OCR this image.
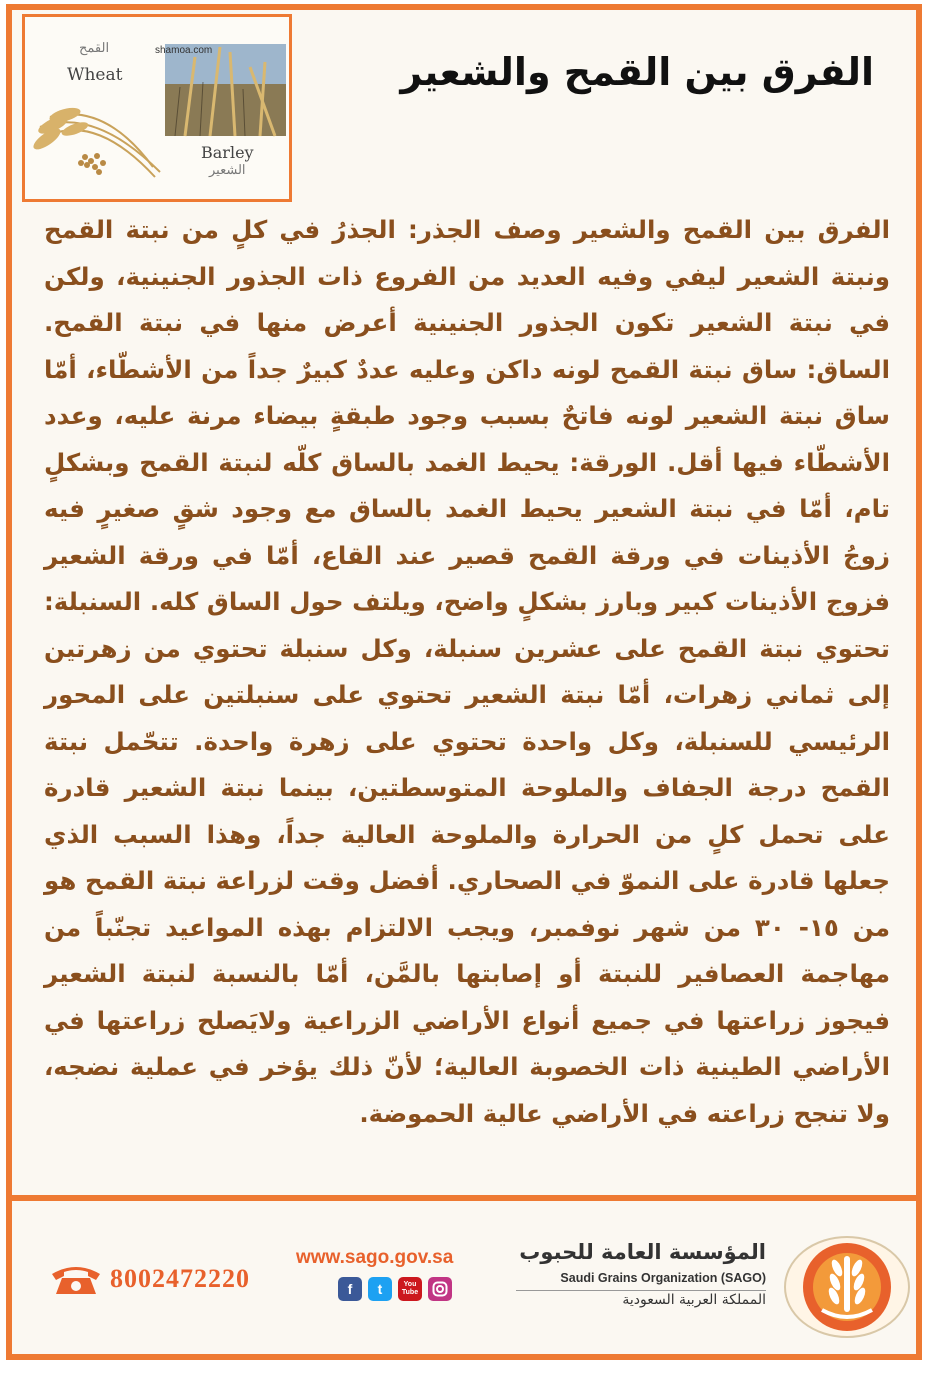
القمح
Wheat
shamoa.com
Barley
الشعير
الفرق بين القمح والشعير
الفرق بين القمح والشعير وصف الجذر: الجذرُ في كلٍ من نبتة القمح ونبتة الشعير ليفي وفيه العديد من الفروع ذات الجذور الجنينية، ولكن في نبتة الشعير تكون الجذور الجنينية أعرض منها في نبتة القمح. الساق: ساق نبتة القمح لونه داكن وعليه عددٌ كبيرٌ جداً من الأشطّاء، أمّا ساق نبتة الشعير لونه فاتحٌ بسبب وجود طبقةٍ بيضاء مرنة عليه، وعدد الأشطّاء فيها أقل. الورقة: يحيط الغمد بالساق كلّه لنبتة القمح وبشكلٍ تام، أمّا في نبتة الشعير يحيط الغمد بالساق مع وجود شقٍ صغيرٍ فيه زوجُ الأذينات في ورقة القمح قصير عند القاع، أمّا في ورقة الشعير فزوج الأذينات كبير وبارز بشكلٍ واضح، ويلتف حول الساق كله. السنبلة: تحتوي نبتة القمح على عشرين سنبلة، وكل سنبلة تحتوي من زهرتين إلى ثماني زهرات، أمّا نبتة الشعير تحتوي على سنبلتين على المحور الرئيسي للسنبلة، وكل واحدة تحتوي على زهرة واحدة. تتحّمل نبتة القمح درجة الجفاف والملوحة المتوسطتين، بينما نبتة الشعير قادرة على تحمل كلٍ من الحرارة والملوحة العالية جداً، وهذا السبب الذي جعلها قادرة على النموّ في الصحاري. أفضل وقت لزراعة نبتة القمح هو من ١٥- ٣٠ من شهر نوفمبر، ويجب الالتزام بهذه المواعيد تجنّباً من مهاجمة العصافير للنبتة أو إصابتها بالمَّن، أمّا بالنسبة لنبتة الشعير فيجوز زراعتها في جميع أنواع الأراضي الزراعية ولايَصلح زراعتها في الأراضي الطينية ذات الخصوبة العالية؛ لأنّ ذلك يؤخر في عملية نضجه، ولا تنجح زراعته في الأراضي عالية الحموضة.
8002472220
www.sago.gov.sa
f	t	You Tube
المؤسسة العامة للحبوب
Saudi Grains Organization (SAGO)
المملكة العربية السعودية
